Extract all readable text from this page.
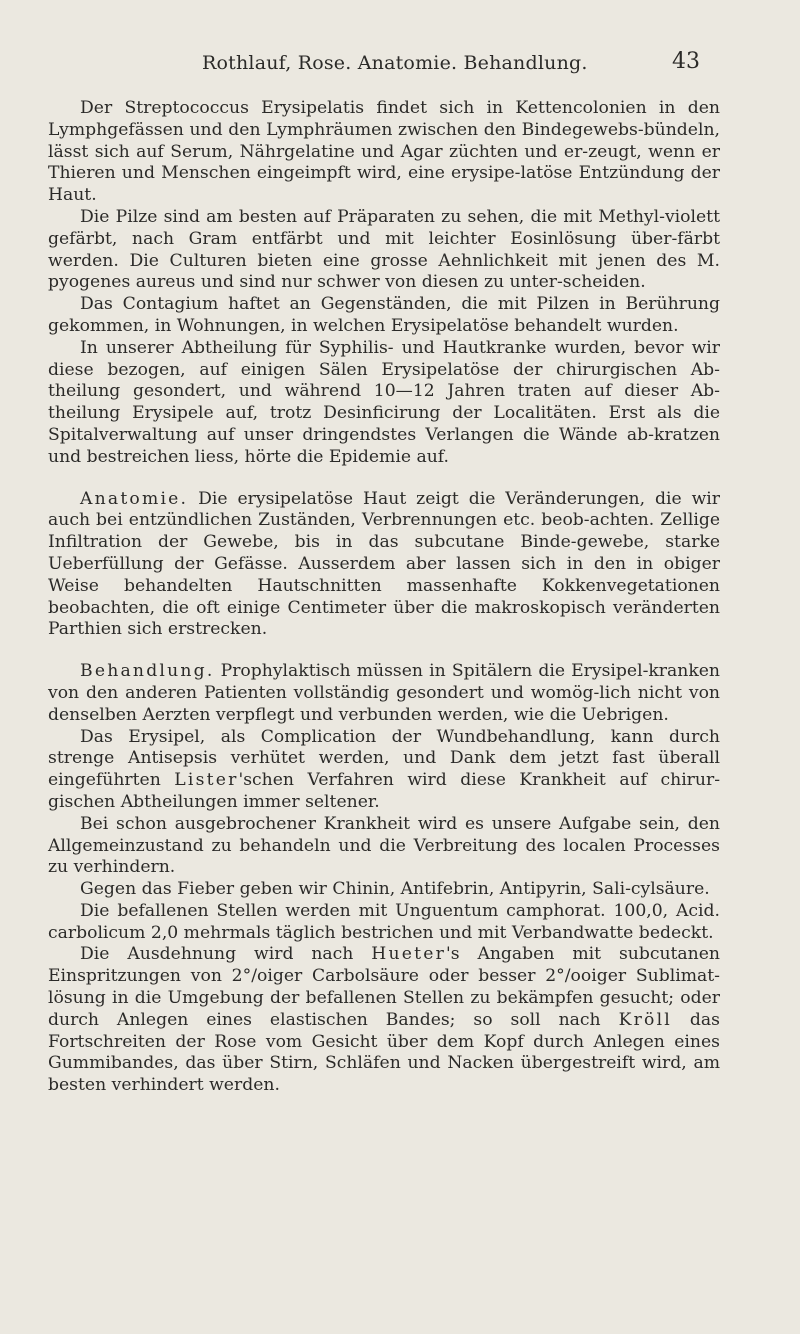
Rothlauf, Rose. Anatomie. Behandlung.	43

Der Streptococcus Erysipelatis findet sich in Kettencolonien in den Lymphgefässen und den Lymphräumen zwischen den Bindegewebs-bündeln, lässt sich auf Serum, Nährgelatine und Agar züchten und er-zeugt, wenn er Thieren und Menschen eingeimpft wird, eine erysipe-latöse Entzündung der Haut.

Die Pilze sind am besten auf Präparaten zu sehen, die mit Methyl-violett gefärbt, nach Gram entfärbt und mit leichter Eosinlösung über-färbt werden. Die Culturen bieten eine grosse Aehnlichkeit mit jenen des M. pyogenes aureus und sind nur schwer von diesen zu unter-scheiden.

Das Contagium haftet an Gegenständen, die mit Pilzen in Berührung gekommen, in Wohnungen, in welchen Erysipelatöse behandelt wurden.

In unserer Abtheilung für Syphilis- und Hautkranke wurden, bevor wir diese bezogen, auf einigen Sälen Erysipelatöse der chirurgischen Ab-theilung gesondert, und während 10—12 Jahren traten auf dieser Ab-theilung Erysipele auf, trotz Desinficirung der Localitäten. Erst als die Spitalverwaltung auf unser dringendstes Verlangen die Wände ab-kratzen und bestreichen liess, hörte die Epidemie auf.

Anatomie. Die erysipelatöse Haut zeigt die Veränderungen, die wir auch bei entzündlichen Zuständen, Verbrennungen etc. beob-achten. Zellige Infiltration der Gewebe, bis in das subcutane Binde-gewebe, starke Ueberfüllung der Gefässe. Ausserdem aber lassen sich in den in obiger Weise behandelten Hautschnitten massenhafte Kokkenvegetationen beobachten, die oft einige Centimeter über die makroskopisch veränderten Parthien sich erstrecken.

Behandlung. Prophylaktisch müssen in Spitälern die Erysipel-kranken von den anderen Patienten vollständig gesondert und womög-lich nicht von denselben Aerzten verpflegt und verbunden werden, wie die Uebrigen.

Das Erysipel, als Complication der Wundbehandlung, kann durch strenge Antisepsis verhütet werden, und Dank dem jetzt fast überall eingeführten Lister'schen Verfahren wird diese Krankheit auf chirur-gischen Abtheilungen immer seltener.

Bei schon ausgebrochener Krankheit wird es unsere Aufgabe sein, den Allgemeinzustand zu behandeln und die Verbreitung des localen Processes zu verhindern.

Gegen das Fieber geben wir Chinin, Antifebrin, Antipyrin, Sali-cylsäure.

Die befallenen Stellen werden mit Unguentum camphorat. 100,0, Acid. carbolicum 2,0 mehrmals täglich bestrichen und mit Verbandwatte bedeckt.

Die Ausdehnung wird nach Hueter's Angaben mit subcutanen Einspritzungen von 2°/oiger Carbolsäure oder besser 2°/ooiger Sublimat-lösung in die Umgebung der befallenen Stellen zu bekämpfen gesucht; oder durch Anlegen eines elastischen Bandes; so soll nach Kröll das Fortschreiten der Rose vom Gesicht über dem Kopf durch Anlegen eines Gummibandes, das über Stirn, Schläfen und Nacken übergestreift wird, am besten verhindert werden.
